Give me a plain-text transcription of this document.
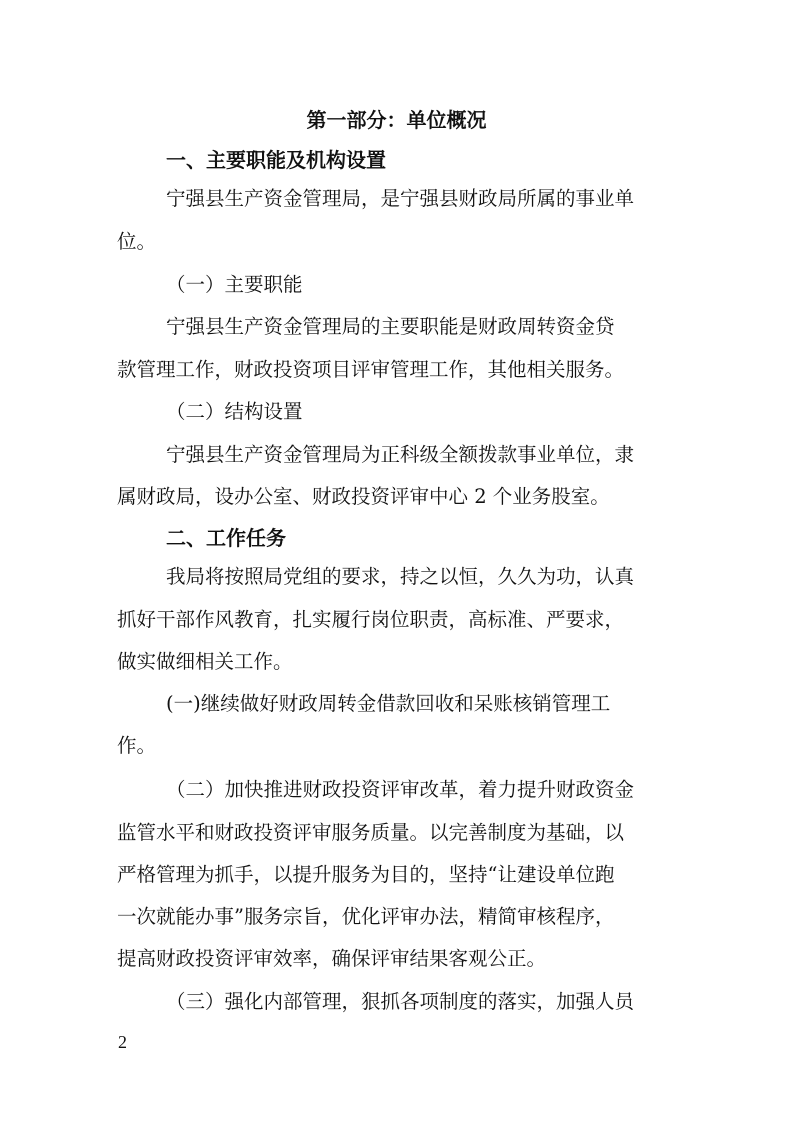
第一部分：单位概况
一、主要职能及机构设置
宁强县生产资金管理局，是宁强县财政局所属的事业单
位。
（一）主要职能
宁强县生产资金管理局的主要职能是财政周转资金贷
款管理工作，财政投资项目评审管理工作，其他相关服务。
（二）结构设置
宁强县生产资金管理局为正科级全额拨款事业单位，隶
属财政局，设办公室、财政投资评审中心 2 个业务股室。
二、工作任务
我局将按照局党组的要求，持之以恒，久久为功，认真
抓好干部作风教育，扎实履行岗位职责，高标准、严要求，
做实做细相关工作。
(一)继续做好财政周转金借款回收和呆账核销管理工
作。
（二）加快推进财政投资评审改革，着力提升财政资金
监管水平和财政投资评审服务质量。以完善制度为基础，以
严格管理为抓手，以提升服务为目的，坚持“让建设单位跑
一次就能办事”服务宗旨，优化评审办法，精简审核程序，
提高财政投资评审效率，确保评审结果客观公正。
（三）强化内部管理，狠抓各项制度的落实，加强人员
2
